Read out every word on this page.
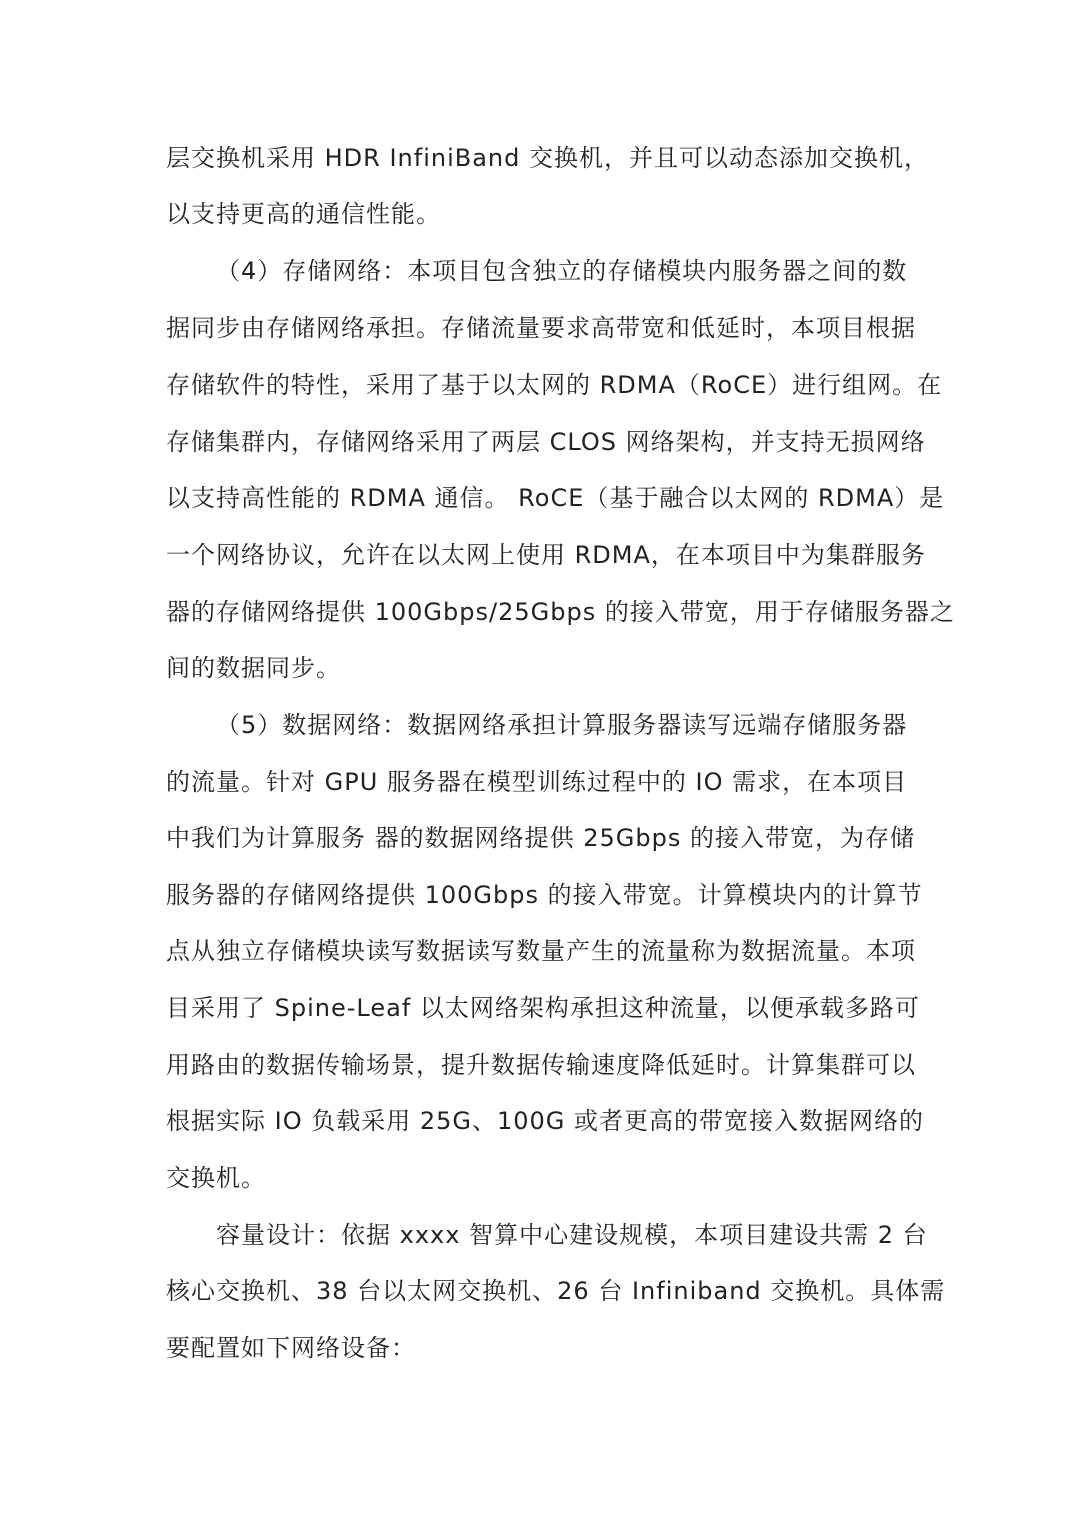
层交换机采用 HDR InfiniBand 交换机，并且可以动态添加交换机，
以支持更高的通信性能。
（4）存储网络：本项目包含独立的存储模块内服务器之间的数
据同步由存储网络承担。存储流量要求高带宽和低延时，本项目根据
存储软件的特性，采用了基于以太网的 RDMA（RoCE）进行组网。在
存储集群内，存储网络采用了两层 CLOS 网络架构，并支持无损网络
以支持高性能的 RDMA 通信。 RoCE（基于融合以太网的 RDMA）是
一个网络协议，允许在以太网上使用 RDMA，在本项目中为集群服务
器的存储网络提供 100Gbps/25Gbps 的接入带宽，用于存储服务器之
间的数据同步。
（5）数据网络：数据网络承担计算服务器读写远端存储服务器
的流量。针对 GPU 服务器在模型训练过程中的 IO 需求，在本项目
中我们为计算服务 器的数据网络提供 25Gbps 的接入带宽，为存储
服务器的存储网络提供 100Gbps 的接入带宽。计算模块内的计算节
点从独立存储模块读写数据读写数量产生的流量称为数据流量。本项
目采用了 Spine-Leaf 以太网络架构承担这种流量，以便承载多路可
用路由的数据传输场景，提升数据传输速度降低延时。计算集群可以
根据实际 IO 负载采用 25G、100G 或者更高的带宽接入数据网络的
交换机。
容量设计：依据 xxxx 智算中心建设规模，本项目建设共需 2 台
核心交换机、38 台以太网交换机、26 台 Infiniband 交换机。具体需
要配置如下网络设备：
